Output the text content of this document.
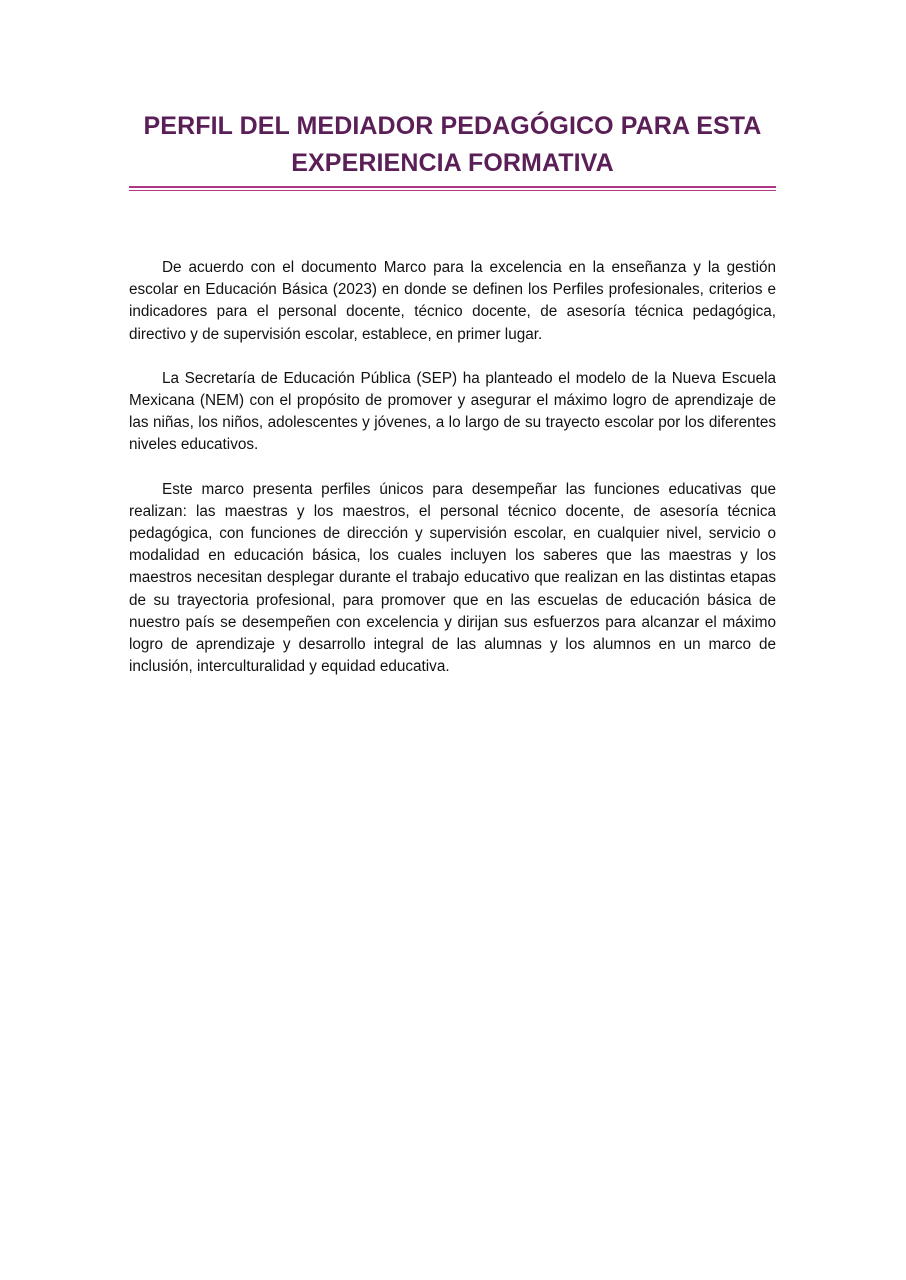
PERFIL DEL MEDIADOR PEDAGÓGICO PARA ESTA
EXPERIENCIA FORMATIVA

De acuerdo con el documento Marco para la excelencia en la enseñanza y la gestión escolar en Educación Básica (2023) en donde se definen los Perfiles profesionales, criterios e indicadores para el personal docente, técnico docente, de asesoría técnica pedagógica, directivo y de supervisión escolar, establece, en primer lugar.

La Secretaría de Educación Pública (SEP) ha planteado el modelo de la Nueva Escuela Mexicana (NEM) con el propósito de promover y asegurar el máximo logro de aprendizaje de las niñas, los niños, adolescentes y jóvenes, a lo largo de su trayecto escolar por los diferentes niveles educativos.

Este marco presenta perfiles únicos para desempeñar las funciones educativas que realizan: las maestras y los maestros, el personal técnico docente, de asesoría técnica pedagógica, con funciones de dirección y supervisión escolar, en cualquier nivel, servicio o modalidad en educación básica, los cuales incluyen los saberes que las maestras y los maestros necesitan desplegar durante el trabajo educativo que realizan en las distintas etapas de su trayectoria profesional, para promover que en las escuelas de educación básica de nuestro país se desempeñen con excelencia y dirijan sus esfuerzos para alcanzar el máximo logro de aprendizaje y desarrollo integral de las alumnas y los alumnos en un marco de inclusión, interculturalidad y equidad educativa.
